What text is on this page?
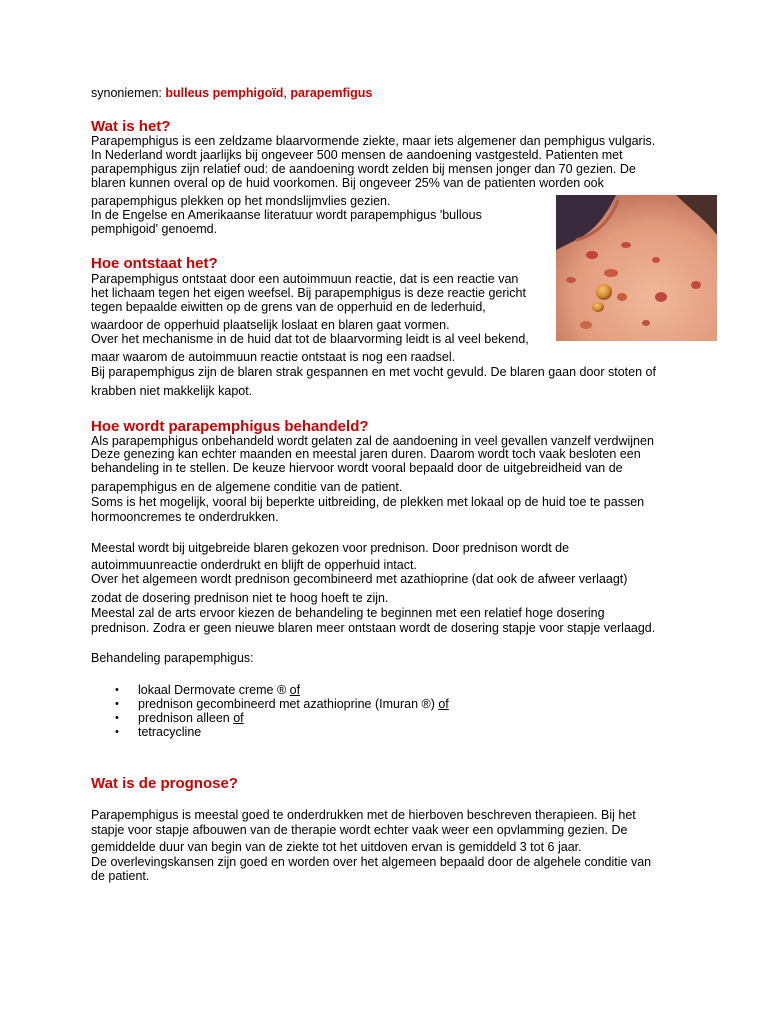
synoniemen: bulleus pemphigoïd, parapemfigus
Wat is het?
Parapemphigus is een zeldzame blaarvormende ziekte, maar iets algemener dan pemphigus vulgaris.
In Nederland wordt jaarlijks bij ongeveer 500 mensen de aandoening vastgesteld. Patienten met
parapemphigus zijn relatief oud: de aandoening wordt zelden bij mensen jonger dan 70 gezien. De
blaren kunnen overal op de huid voorkomen. Bij ongeveer 25% van de patienten worden ook
parapemphigus plekken op het mondslijmvlies gezien.
In de Engelse en Amerikaanse literatuur wordt parapemphigus 'bullous
pemphigoid' genoemd.
Hoe ontstaat het?
Parapemphigus ontstaat door een autoimmuun reactie, dat is een reactie van
het lichaam tegen het eigen weefsel. Bij parapemphigus is deze reactie gericht
tegen bepaalde eiwitten op de grens van de opperhuid en de lederhuid,
waardoor de opperhuid plaatselijk loslaat en blaren gaat vormen.
Over het mechanisme in de huid dat tot de blaarvorming leidt is al veel bekend,
maar waarom de autoimmuun reactie ontstaat is nog een raadsel.
Bij parapemphigus zijn de blaren strak gespannen en met vocht gevuld. De blaren gaan door stoten of
krabben niet makkelijk kapot.
Hoe wordt parapemphigus behandeld?
Als parapemphigus onbehandeld wordt gelaten zal de aandoening in veel gevallen vanzelf verdwijnen
Deze genezing kan echter maanden en meestal jaren duren. Daarom wordt toch vaak besloten een
behandeling in te stellen. De keuze hiervoor wordt vooral bepaald door de uitgebreidheid van de
parapemphigus en de algemene conditie van de patient.
Soms is het mogelijk, vooral bij beperkte uitbreiding, de plekken met lokaal op de huid toe te passen
hormooncremes te onderdrukken.
Meestal wordt bij uitgebreide blaren gekozen voor prednison. Door prednison wordt de
autoimmuunreactie onderdrukt en blijft de opperhuid intact.
Over het algemeen wordt prednison gecombineerd met azathioprine (dat ook de afweer verlaagt)
zodat de dosering prednison niet te hoog hoeft te zijn.
Meestal zal de arts ervoor kiezen de behandeling te beginnen met een relatief hoge dosering
prednison. Zodra er geen nieuwe blaren meer ontstaan wordt de dosering stapje voor stapje verlaagd.
Behandeling parapemphigus:
• lokaal Dermovate creme ® of
• prednison gecombineerd met azathioprine (Imuran ®) of
• prednison alleen of
• tetracycline
Wat is de prognose?
Parapemphigus is meestal goed te onderdrukken met de hierboven beschreven therapieen. Bij het
stapje voor stapje afbouwen van de therapie wordt echter vaak weer een opvlamming gezien. De
gemiddelde duur van begin van de ziekte tot het uitdoven ervan is gemiddeld 3 tot 6 jaar.
De overlevingskansen zijn goed en worden over het algemeen bepaald door de algehele conditie van
de patient.
